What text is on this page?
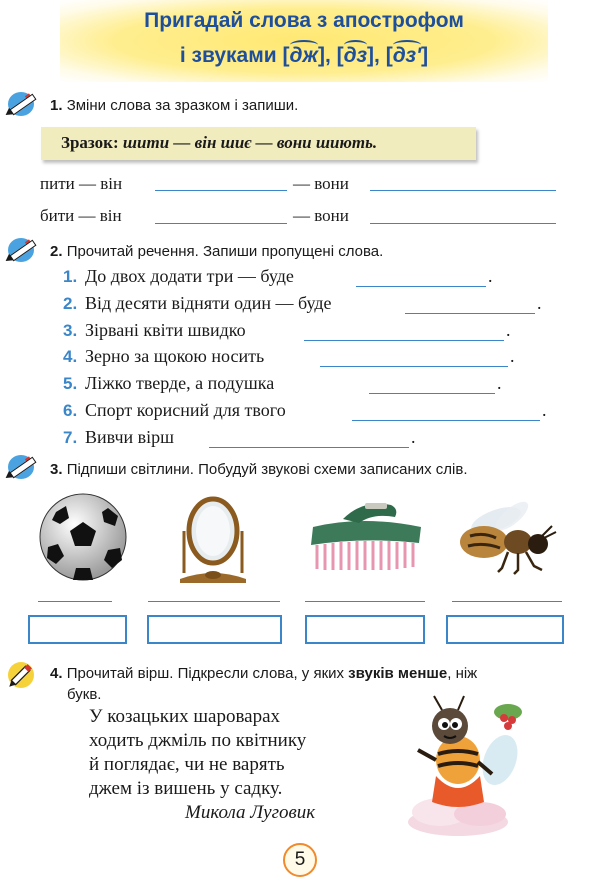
Пригадай слова з апострофом
і звуками [дж], [дз], [дз']
1. Зміни слова за зразком і запиши.
Зразок: шити — він шиє — вони шиють.
пити — він	— вони
бити — він	— вони
2. Прочитай речення. Запиши пропущені слова.
1. До двох додати три — буде	.
2. Від десяти відняти один — буде	.
3. Зірвані квіти швидко	.
4. Зерно за щокою носить	.
5. Ліжко тверде, а подушка	.
6. Спорт корисний для твого	.
7. Вивчи вірш	.
3. Підпиши світлини. Побудуй звукові схеми записаних слів.
4. Прочитай вірш. Підкресли слова, у яких звуків менше, ніж
букв.
У козацьких шароварах
ходить джміль по квітнику
й поглядає, чи не варять
джем із вишень у садку.
Микола Луговик
5
